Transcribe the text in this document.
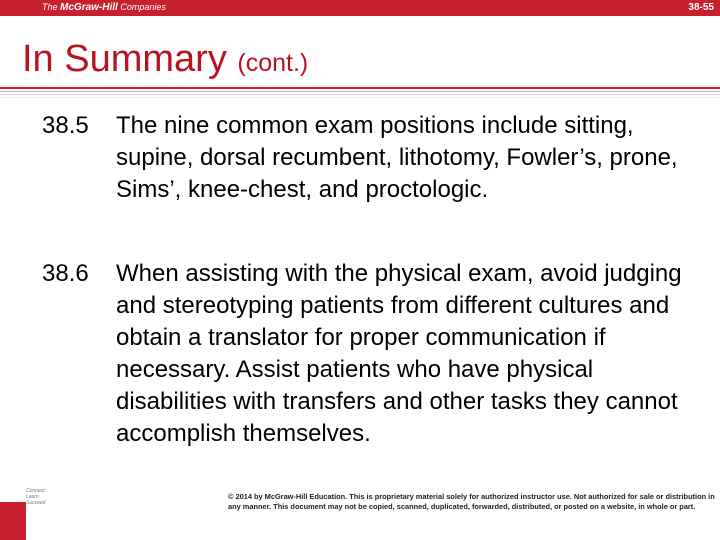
The McGraw-Hill Companies	38-55
In Summary (cont.)
38.5	The nine common exam positions include sitting, supine, dorsal recumbent, lithotomy, Fowler’s, prone, Sims’, knee-chest, and proctologic.
38.6	When assisting with the physical exam, avoid judging and stereotyping patients from different cultures and obtain a translator for proper communication if necessary. Assist patients who have physical disabilities with transfers and other tasks they cannot accomplish themselves.
Connect Learn Succeed
© 2014 by McGraw-Hill Education. This is proprietary material solely for authorized instructor use. Not authorized for sale or distribution in any manner. This document may not be copied, scanned, duplicated, forwarded, distributed, or posted on a website, in whole or part.
